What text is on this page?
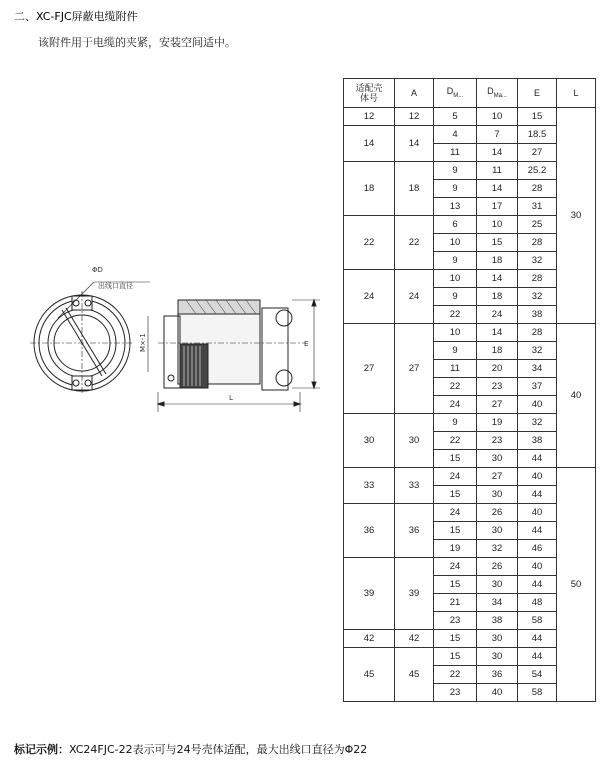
二、XC-FJC屏蔽电缆附件
该附件用于电缆的夹紧，安装空间适中。
ΦD
出线口直径
L
E
M×-1
适配壳
体号	A	$D_{M...}$	$D_{Ma...}$	E	L
12	12	5	10	15	30
14	14	4	7	18.5	
		11	14	27	
18	18	9	11	25.2	
		9	14	28	
		13	17	31	
22	22	6	10	25	
		10	15	28	
		9	18	32	
24	24	10	14	28	
		9	18	32	
		22	24	38	
27	27	10	14	28	40
		9	18	32	
		11	20	34	
		22	23	37	
		24	27	40	
30	30	9	19	32	
		22	23	38	
		15	30	44	
33	33	24	27	40	50
		15	30	44	
36	36	24	26	40	
		15	30	44	
		19	32	46	
39	39	24	26	40	
		15	30	44	
		21	34	48	
		23	38	58	
42	42	15	30	44	
45	45	15	30	44	
		22	36	54	
		23	40	58	
标记示例：XC24FJC-22表示可与24号壳体适配，最大出线口直径为Φ22
